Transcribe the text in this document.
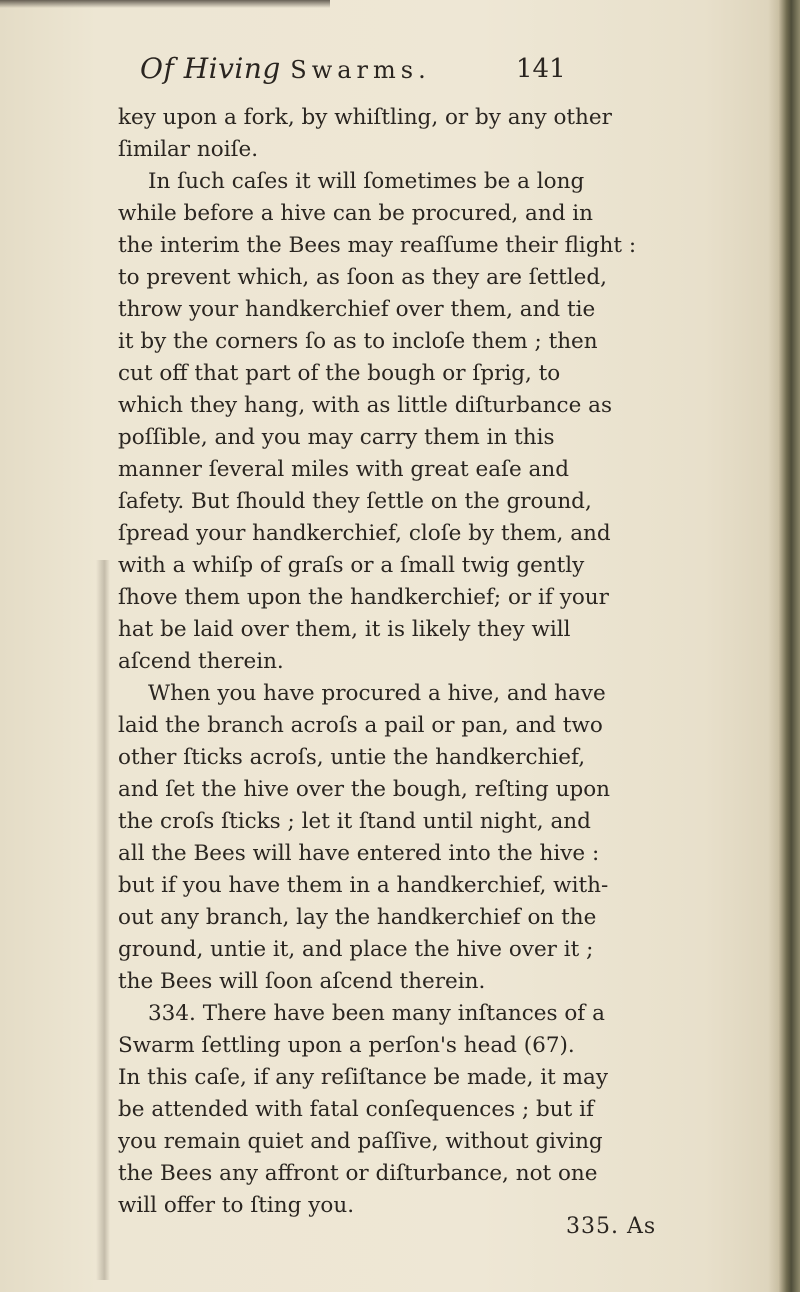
Of Hiving Swarms.	141
key upon a fork, by whiſtling, or by any other
ſimilar noiſe.
In ſuch caſes it will ſometimes be a long
while before a hive can be procured, and in
the interim the Bees may reaſſume their flight :
to prevent which, as ſoon as they are ſettled,
throw your handkerchief over them, and tie
it by the corners ſo as to incloſe them ; then
cut off that part of the bough or ſprig, to
which they hang, with as little diſturbance as
poſſible, and you may carry them in this
manner ſeveral miles with great eaſe and
ſafety. But ſhould they ſettle on the ground,
ſpread your handkerchief, cloſe by them, and
with a whiſp of graſs or a ſmall twig gently
ſhove them upon the handkerchief; or if your
hat be laid over them, it is likely they will
aſcend therein.
When you have procured a hive, and have
laid the branch acroſs a pail or pan, and two
other ſticks acroſs, untie the handkerchief,
and ſet the hive over the bough, reſting upon
the croſs ſticks ; let it ſtand until night, and
all the Bees will have entered into the hive :
but if you have them in a handkerchief, with-
out any branch, lay the handkerchief on the
ground, untie it, and place the hive over it ;
the Bees will ſoon aſcend therein.
334. There have been many inſtances of a
Swarm ſettling upon a perſon's head (67).
In this caſe, if any reſiſtance be made, it may
be attended with fatal conſequences ; but if
you remain quiet and paſſive, without giving
the Bees any affront or diſturbance, not one
will offer to ſting you.
335. As
